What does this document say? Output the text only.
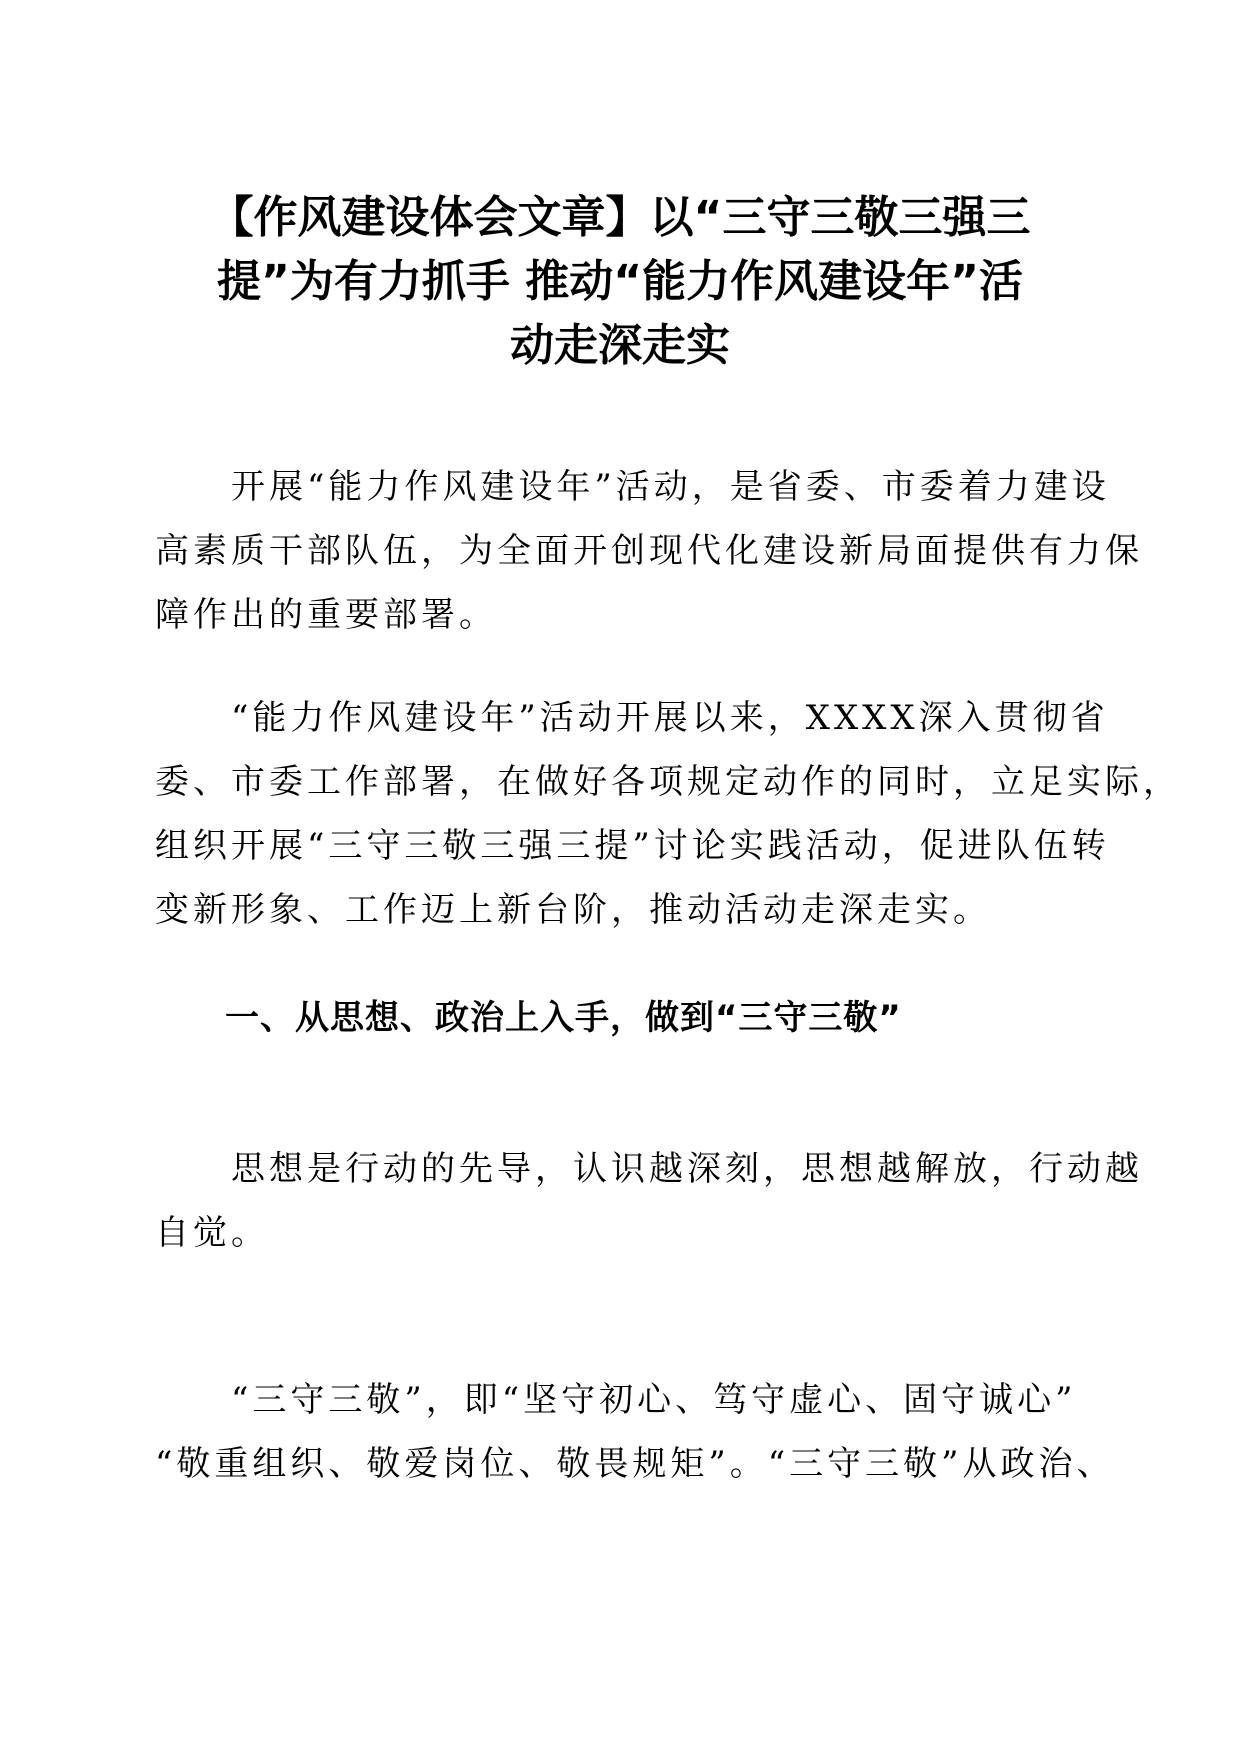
【作风建设体会文章】以“三守三敬三强三
提”为有力抓手 推动“能力作风建设年”活
动走深走实
　　开展“能力作风建设年”活动，是省委、市委着力建设
高素质干部队伍，为全面开创现代化建设新局面提供有力保
障作出的重要部署。
　　“能力作风建设年”活动开展以来，XXXX深入贯彻省
委、市委工作部署，在做好各项规定动作的同时，立足实际，
组织开展“三守三敬三强三提”讨论实践活动，促进队伍转
变新形象、工作迈上新台阶，推动活动走深走实。
　　一、从思想、政治上入手，做到“三守三敬”
　　思想是行动的先导，认识越深刻，思想越解放，行动越
自觉。
　　“三守三敬”，即“坚守初心、笃守虚心、固守诚心”
“敬重组织、敬爱岗位、敬畏规矩”。“三守三敬”从政治、
